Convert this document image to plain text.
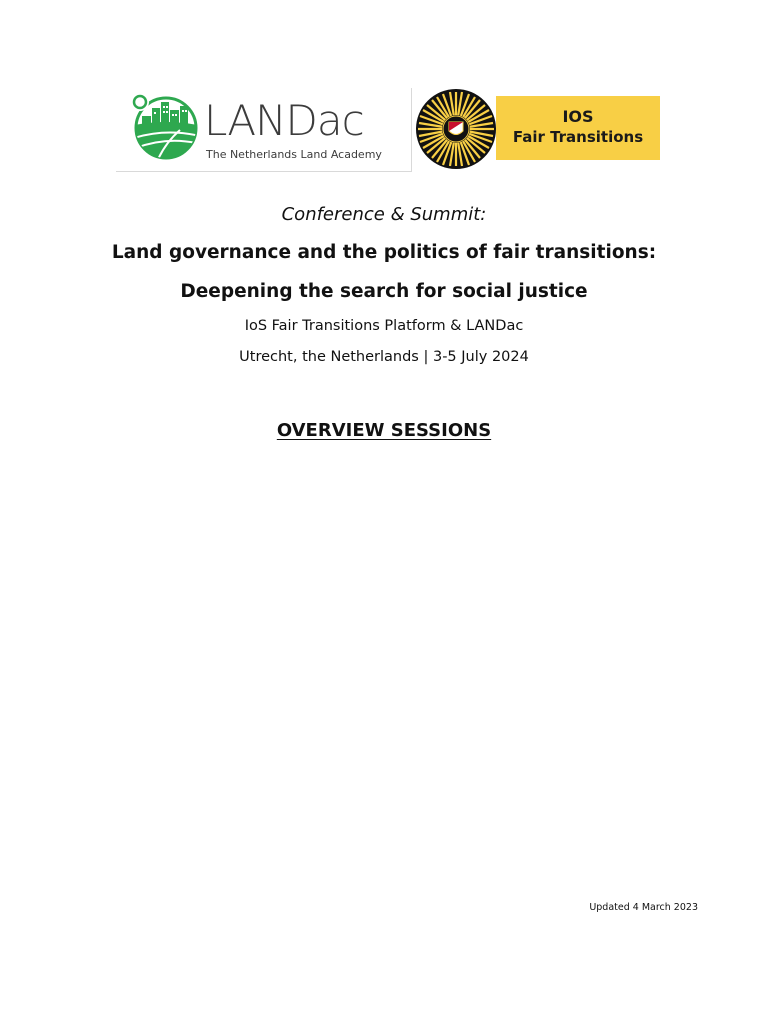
LANDac
The Netherlands Land Academy
IOS
Fair Transitions
Conference & Summit:
Land governance and the politics of fair transitions:
Deepening the search for social justice
IoS Fair Transitions Platform & LANDac
Utrecht, the Netherlands | 3-5 July 2024
OVERVIEW SESSIONS
Updated 4 March 2023
